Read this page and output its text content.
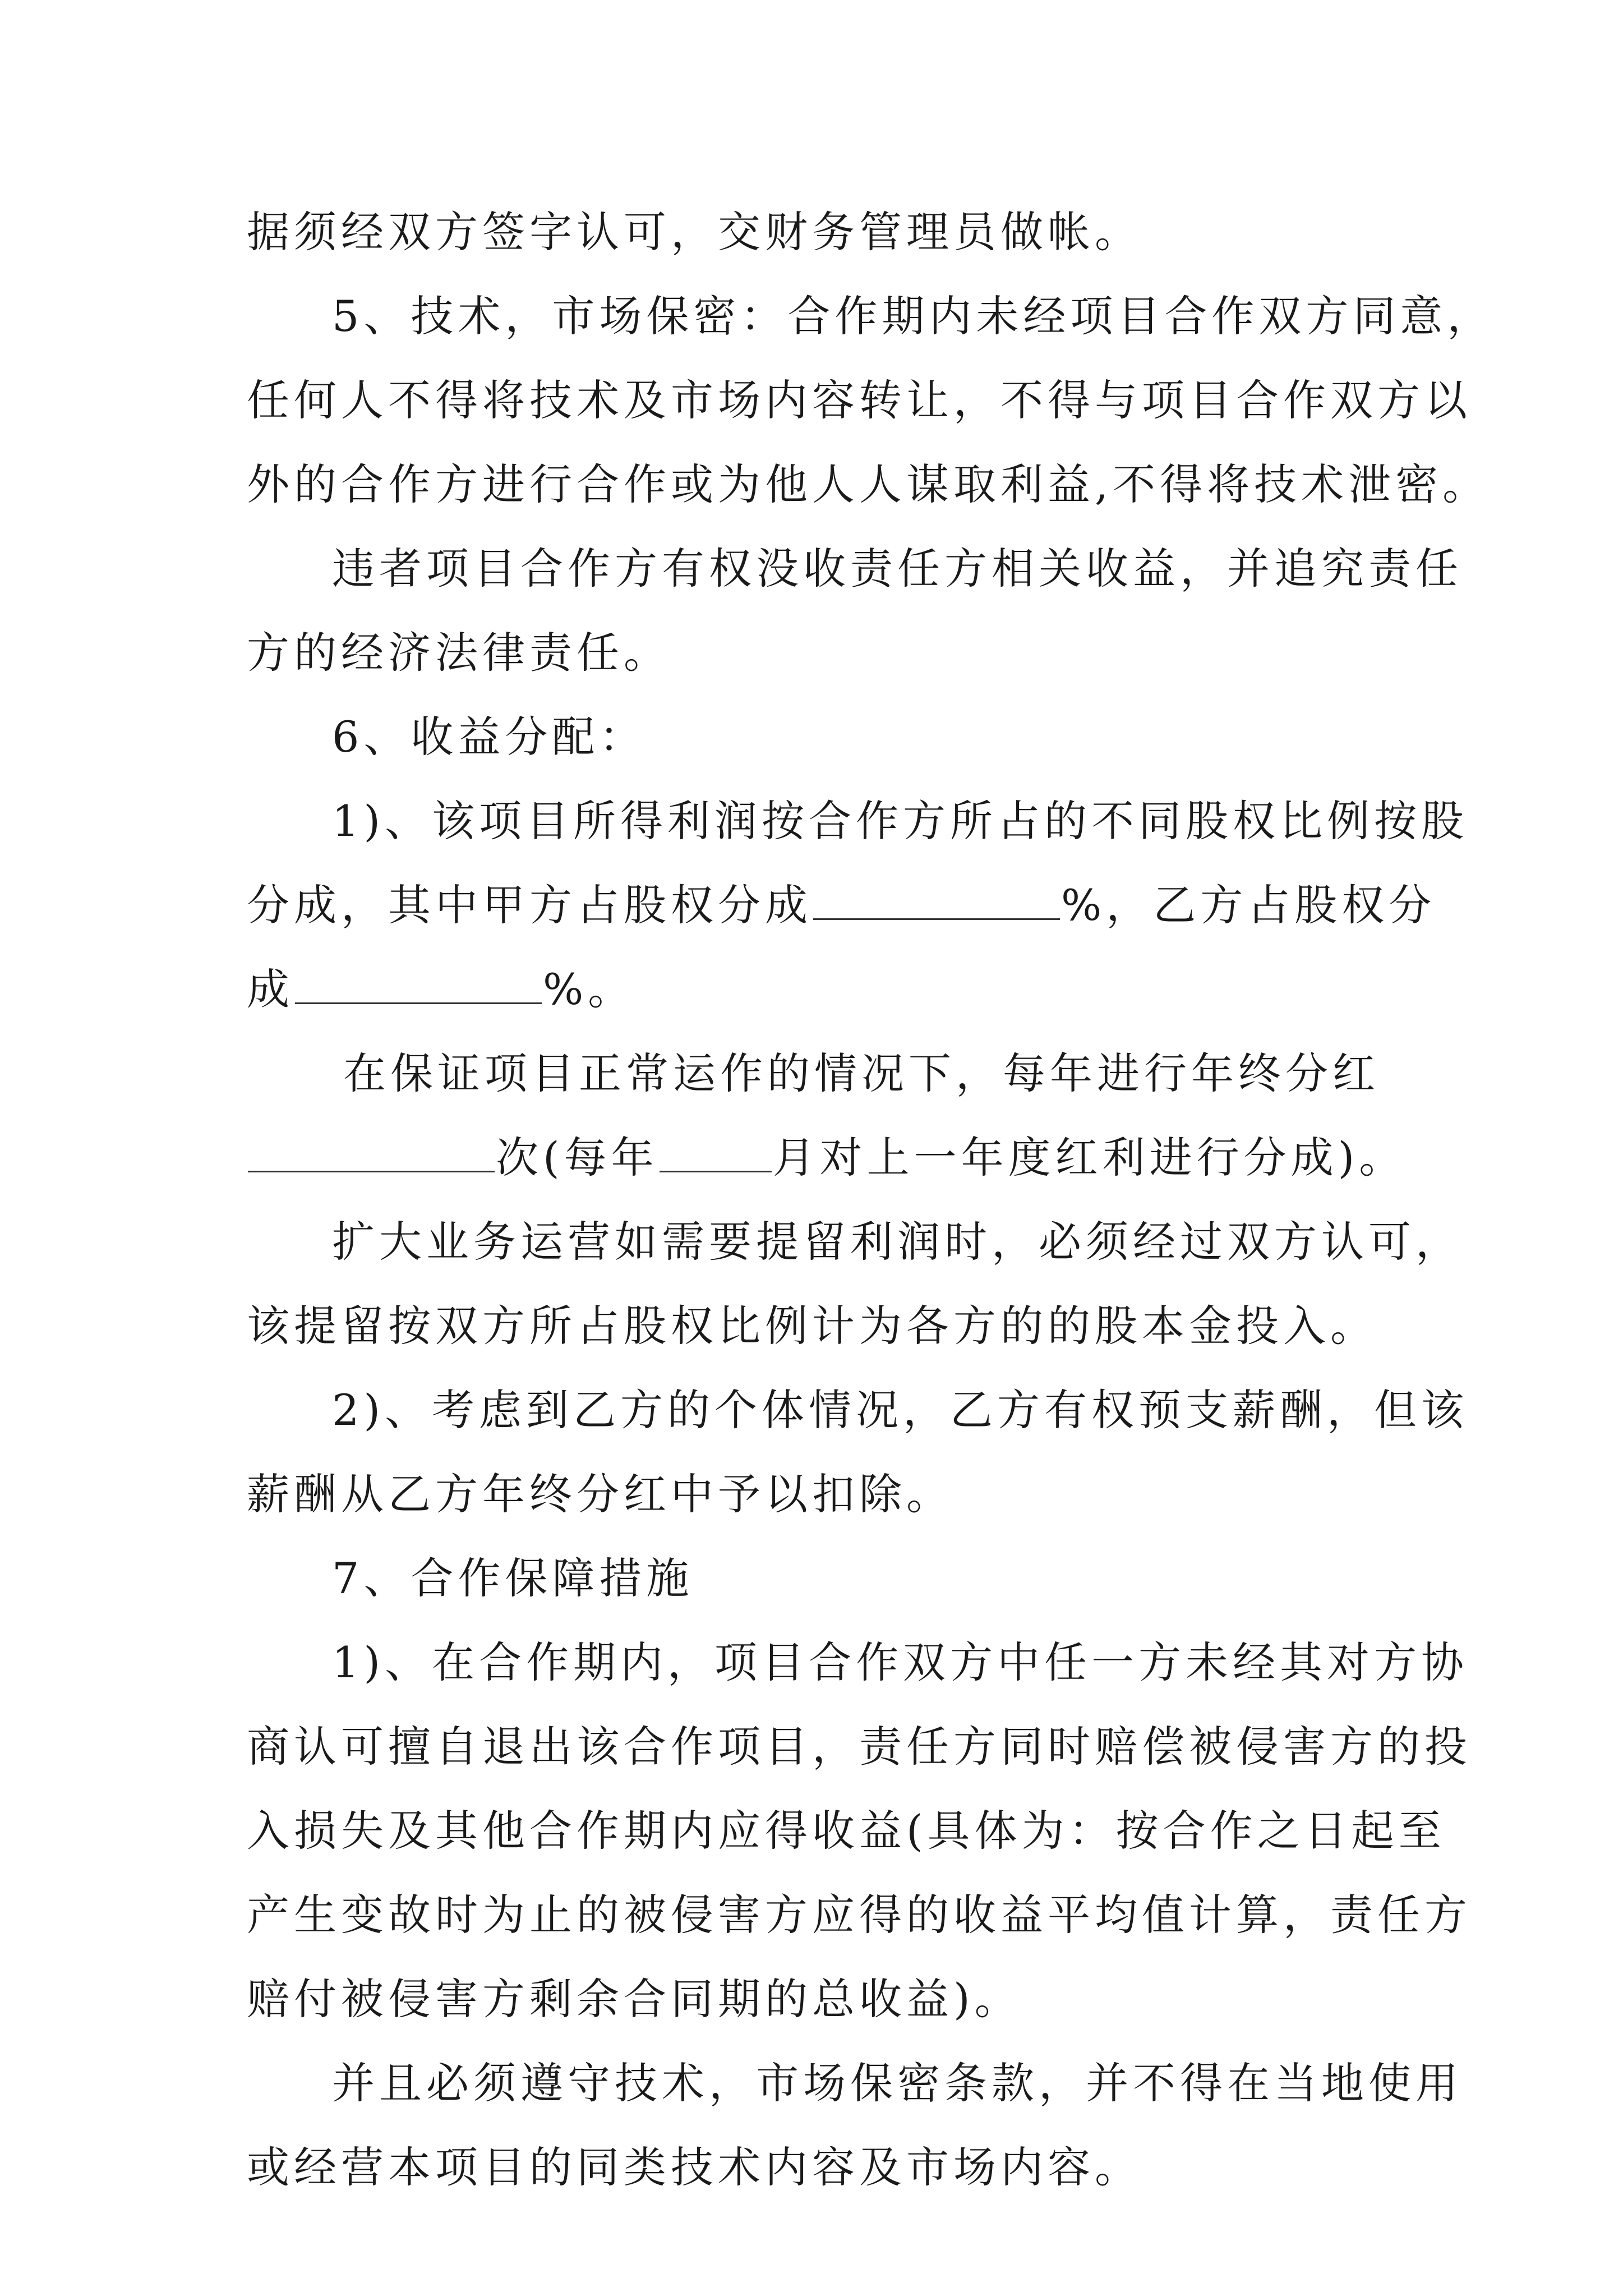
据须经双方签字认可，交财务管理员做帐。
5、技术，市场保密：合作期内未经项目合作双方同意，
任何人不得将技术及市场内容转让，不得与项目合作双方以
外的合作方进行合作或为他人人谋取利益,不得将技术泄密。
违者项目合作方有权没收责任方相关收益，并追究责任
方的经济法律责任。
6、收益分配：
1)、该项目所得利润按合作方所占的不同股权比例按股
分成，其中甲方占股权分成	%，乙方占股权分
成	%。
在保证项目正常运作的情况下，每年进行年终分红
次(每年	月对上一年度红利进行分成)。
扩大业务运营如需要提留利润时，必须经过双方认可，
该提留按双方所占股权比例计为各方的的股本金投入。
2)、考虑到乙方的个体情况，乙方有权预支薪酬，但该
薪酬从乙方年终分红中予以扣除。
7、合作保障措施
1)、在合作期内，项目合作双方中任一方未经其对方协
商认可擅自退出该合作项目，责任方同时赔偿被侵害方的投
入损失及其他合作期内应得收益(具体为：按合作之日起至
产生变故时为止的被侵害方应得的收益平均值计算，责任方
赔付被侵害方剩余合同期的总收益)。
并且必须遵守技术，市场保密条款，并不得在当地使用
或经营本项目的同类技术内容及市场内容。
